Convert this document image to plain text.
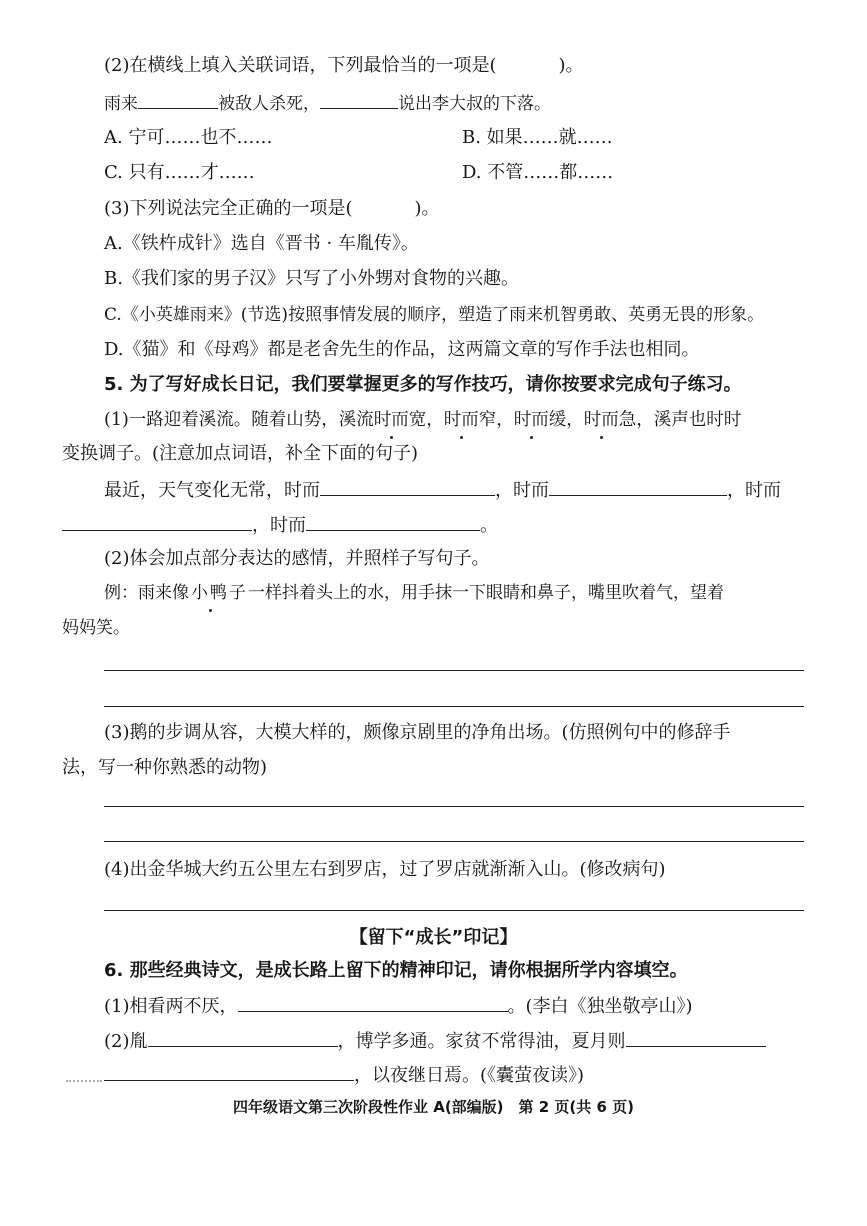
(2)在横线上填入关联词语，下列最恰当的一项是(	)。
雨来	被敌人杀死，	说出李大叔的下落。
A. 宁可……也不……	B. 如果……就……
C. 只有……才……	D. 不管……都……
(3)下列说法完全正确的一项是(	)。
A.《铁杵成针》选自《晋书 · 车胤传》。
B.《我们家的男子汉》只写了小外甥对食物的兴趣。
C.《小英雄雨来》(节选)按照事情发展的顺序，塑造了雨来机智勇敢、英勇无畏的形象。
D.《猫》和《母鸡》都是老舍先生的作品，这两篇文章的写作手法也相同。
5. 为了写好成长日记，我们要掌握更多的写作技巧，请你按要求完成句子练习。
(1)一路迎着溪流。随着山势，溪流时而宽，时而窄，时而缓，时而急，溪声也时时
变换调子。(注意加点词语，补全下面的句子)
最近，天气变化无常，时而	，时而	，时而
，时而	。
(2)体会加点部分表达的感情，并照样子写句子。
例：雨来像小鸭子一样抖着头上的水，用手抹一下眼睛和鼻子，嘴里吹着气，望着
妈妈笑。
(3)鹅的步调从容，大模大样的，颇像京剧里的净角出场。(仿照例句中的修辞手
法，写一种你熟悉的动物)
(4)出金华城大约五公里左右到罗店，过了罗店就渐渐入山。(修改病句)
【留下“成长”印记】
6. 那些经典诗文，是成长路上留下的精神印记，请你根据所学内容填空。
(1)相看两不厌，	。(李白《独坐敬亭山》)
(2)胤	，博学多通。家贫不常得油，夏月则
，以夜继日焉。(《囊萤夜读》)
四年级语文第三次阶段性作业 A(部编版)　第 2 页(共 6 页)
